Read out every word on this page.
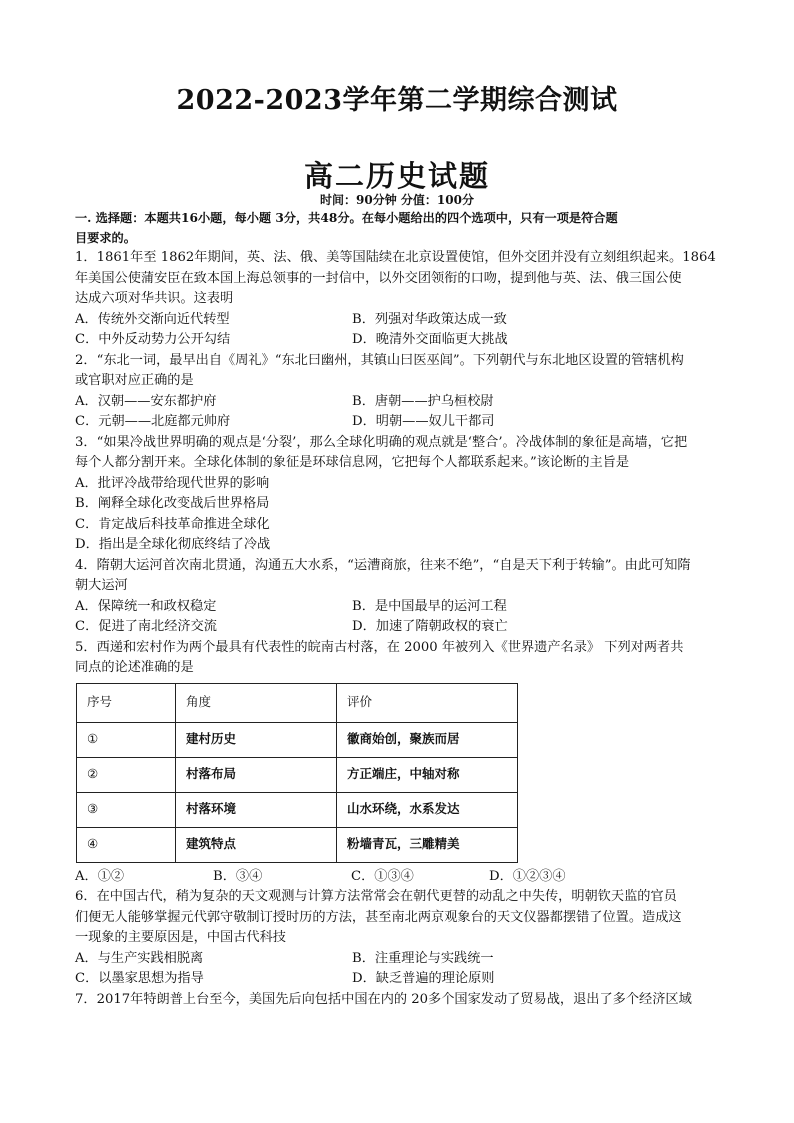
2022-2023学年第二学期综合测试
高二历史试题
时间：90分钟 分值：100分
一. 选择题：本题共16小题，每小题 3分，共48分。在每小题给出的四个选项中，只有一项是符合题
目要求的。
1．1861年至 1862年期间，英、法、俄、美等国陆续在北京设置使馆，但外交团并没有立刻组织起来。1864
年美国公使蒲安臣在致本国上海总领事的一封信中，以外交团领衔的口吻，提到他与英、法、俄三国公使
达成六项对华共识。这表明
A．传统外交渐向近代转型	B．列强对华政策达成一致
C．中外反动势力公开勾结	D．晚清外交面临更大挑战
2．“东北一词，最早出自《周礼》“东北曰幽州，其镇山曰医巫闾”。下列朝代与东北地区设置的管辖机构
或官职对应正确的是
A．汉朝——安东都护府	B．唐朝——护乌桓校尉
C．元朝——北庭都元帅府	D．明朝——奴儿干都司
3．“如果冷战世界明确的观点是‘分裂’，那么全球化明确的观点就是‘整合’。冷战体制的象征是高墙，它把
每个人都分割开来。全球化体制的象征是环球信息网，它把每个人都联系起来。”该论断的主旨是
A．批评冷战带给现代世界的影响
B．阐释全球化改变战后世界格局
C．肯定战后科技革命推进全球化
D．指出是全球化彻底终结了冷战
4．隋朝大运河首次南北贯通，沟通五大水系，“运漕商旅，往来不绝”，“自是天下利于转输”。由此可知隋
朝大运河
A．保障统一和政权稳定	B．是中国最早的运河工程
C．促进了南北经济交流	D．加速了隋朝政权的衰亡
5．西递和宏村作为两个最具有代表性的皖南古村落，在 2000 年被列入《世界遗产名录》 下列对两者共
同点的论述准确的是
序号	角度	评价
①	建村历史	徽商始创，聚族而居
②	村落布局	方正端庄，中轴对称
③	村落环境	山水环绕，水系发达
④	建筑特点	粉墙青瓦，三雕精美
A．①②	B．③④	C．①③④	D．①②③④
6．在中国古代，稍为复杂的天文观测与计算方法常常会在朝代更替的动乱之中失传，明朝钦天监的官员
们便无人能够掌握元代郭守敬制订授时历的方法，甚至南北两京观象台的天文仪器都摆错了位置。造成这
一现象的主要原因是，中国古代科技
A．与生产实践相脱离	B．注重理论与实践统一
C．以墨家思想为指导	D．缺乏普遍的理论原则
7．2017年特朗普上台至今，美国先后向包括中国在内的 20多个国家发动了贸易战，退出了多个经济区域
